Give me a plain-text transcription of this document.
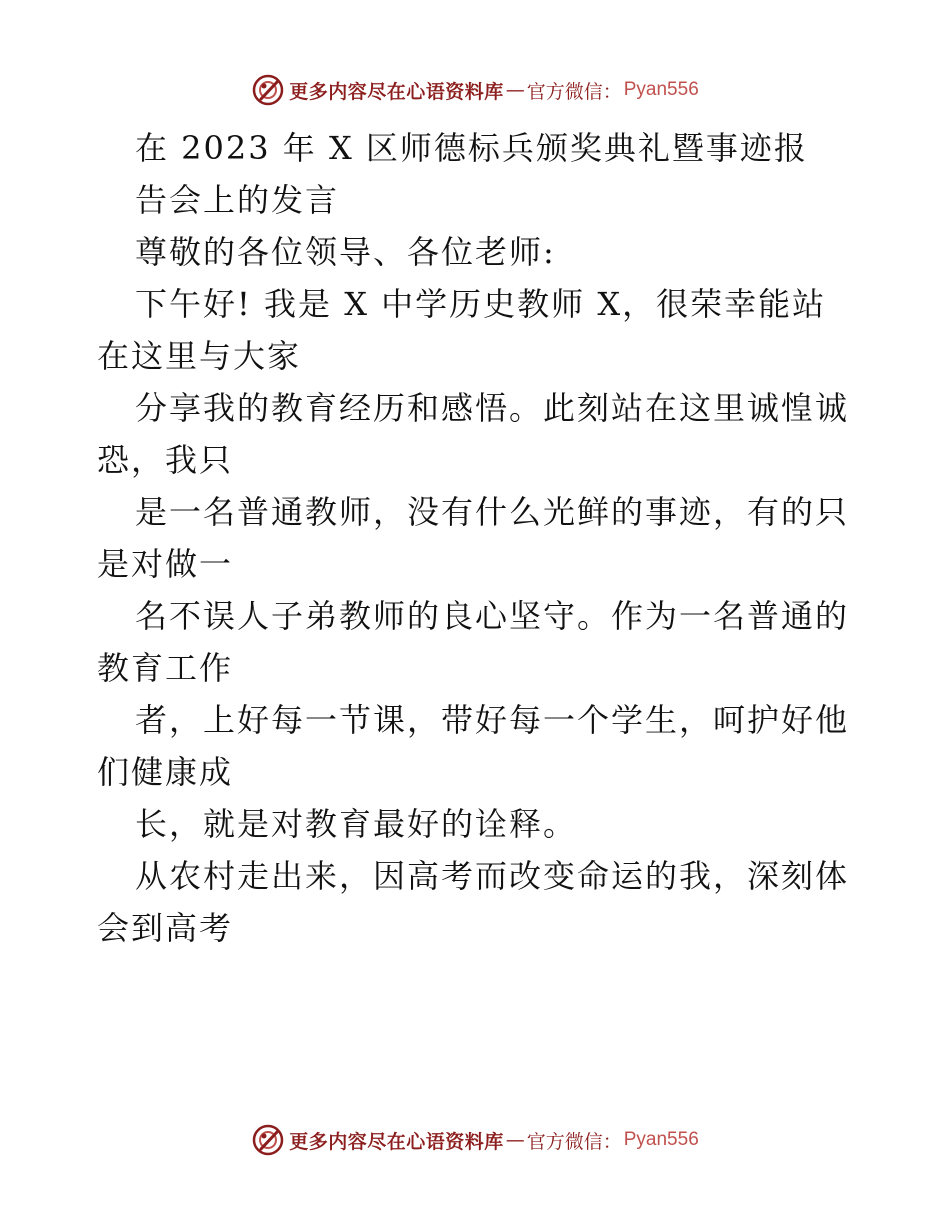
更多内容尽在心语资料库 — 官方微信： Pyan556
在 2023 年 X 区师德标兵颁奖典礼暨事迹报
告会上的发言
尊敬的各位领导、各位老师:
下午好! 我是 X 中学历史教师 X，很荣幸能站
在这里与大家
分享我的教育经历和感悟。此刻站在这里诚惶诚
恐，我只
是一名普通教师，没有什么光鲜的事迹，有的只
是对做一
名不误人子弟教师的良心坚守。作为一名普通的
教育工作
者，上好每一节课，带好每一个学生，呵护好他
们健康成
长，就是对教育最好的诠释。
从农村走出来，因高考而改变命运的我，深刻体
会到高考
更多内容尽在心语资料库 — 官方微信： Pyan556
